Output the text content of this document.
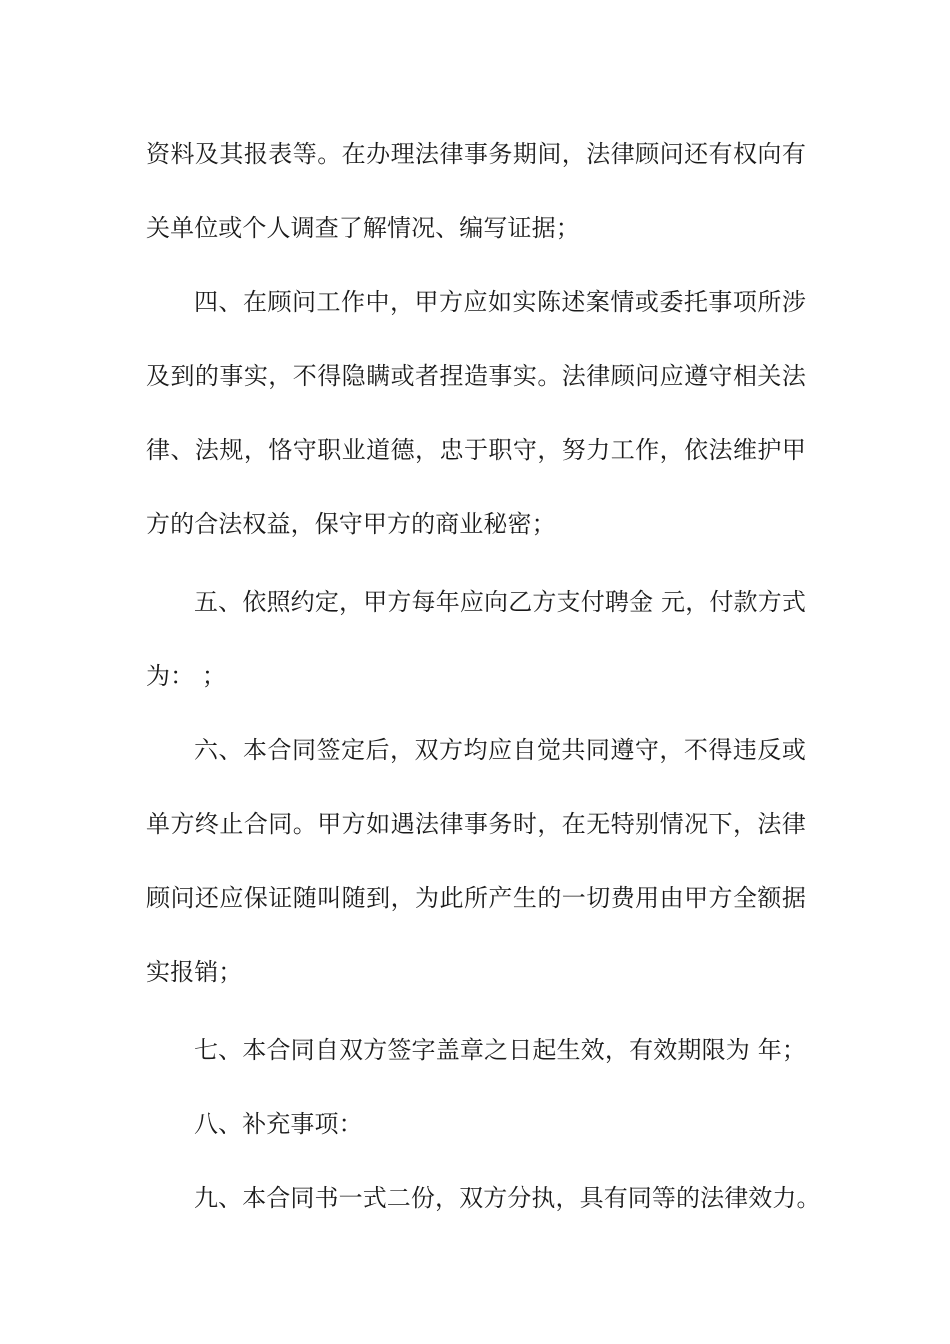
资料及其报表等。在办理法律事务期间，法律顾问还有权向有
关单位或个人调查了解情况、编写证据；
四、在顾问工作中，甲方应如实陈述案情或委托事项所涉
及到的事实，不得隐瞒或者捏造事实。法律顾问应遵守相关法
律、法规，恪守职业道德，忠于职守，努力工作，依法维护甲
方的合法权益，保守甲方的商业秘密；
五、依照约定，甲方每年应向乙方支付聘金 元，付款方式
为： ；
六、本合同签定后，双方均应自觉共同遵守，不得违反或
单方终止合同。甲方如遇法律事务时，在无特别情况下，法律
顾问还应保证随叫随到，为此所产生的一切费用由甲方全额据
实报销；
七、本合同自双方签字盖章之日起生效，有效期限为 年；
八、补充事项：
九、本合同书一式二份，双方分执，具有同等的法律效力。
